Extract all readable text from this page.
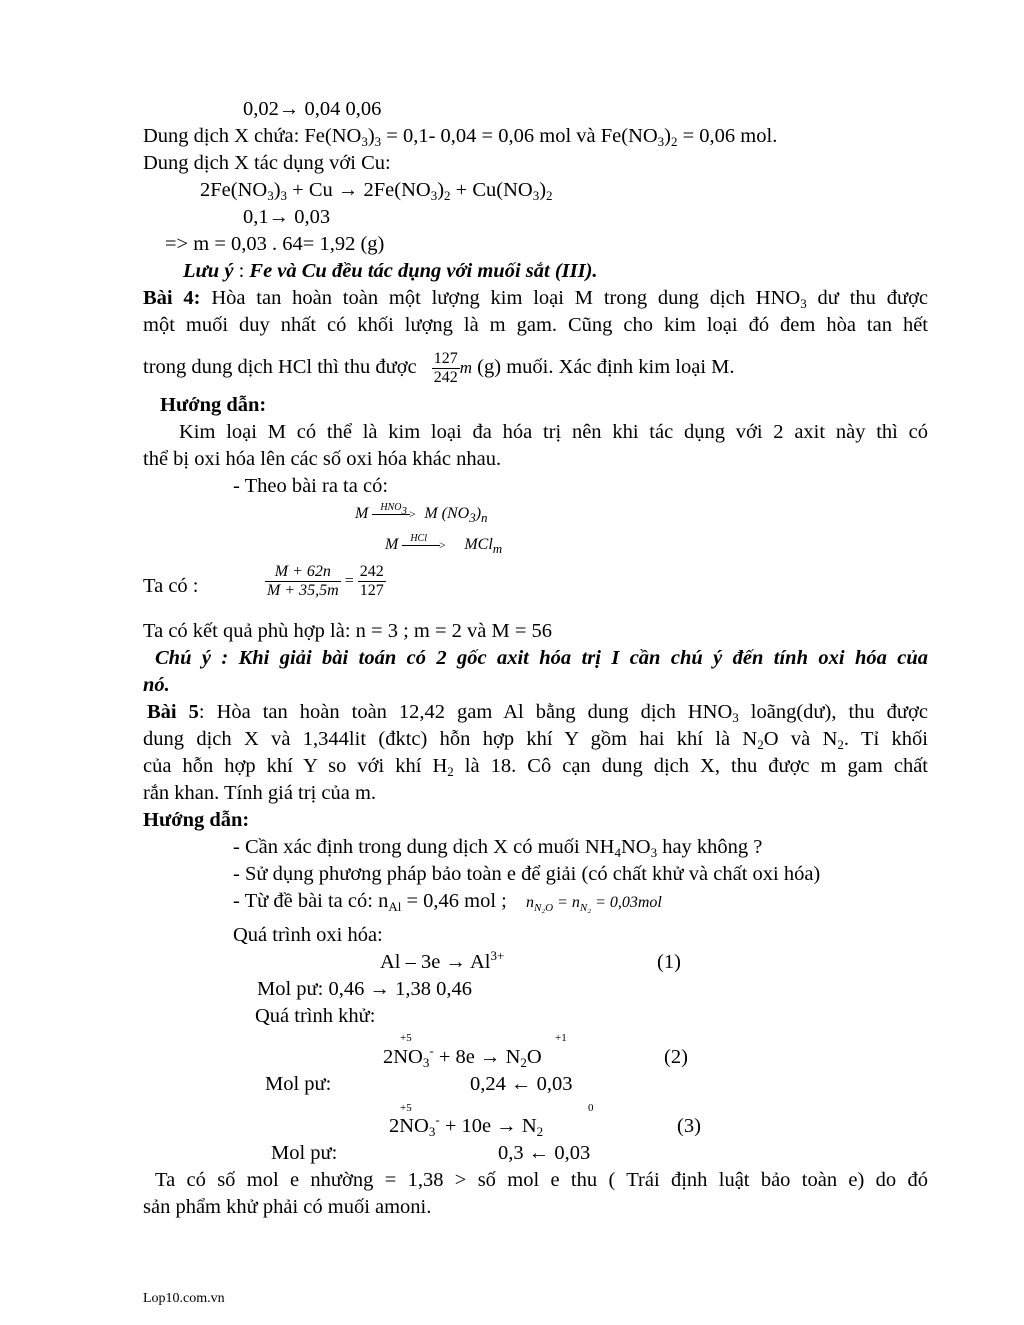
0,02→ 0,04 0,06
Dung dịch X chứa: $Fe(NO_3)_3 = 0,1-$ 0,04 = 0,06 mol và $Fe(NO_3)_2 = 0,06$ mol.
Dung dịch X tác dụng với Cu:
$2Fe(NO_3)_3 + Cu \to 2Fe(NO_3)_2 + Cu(NO_3)_2$
0,1→ 0,03
=> m = 0,03 . 64= 1,92 (g)
Lưu ý : Fe và Cu đều tác dụng với muối sắt (III).
Bài 4: Hòa tan hoàn toàn một lượng kim loại M trong dung dịch $HNO_3$ dư thu được
một muối duy nhất có khối lượng là m gam. Cũng cho kim loại đó đem hòa tan hết
trong dung dịch HCl thì thu được $\frac{127}{242}$ m (g) muối. Xác định kim loại M.
Hướng dẫn:
Kim loại M có thể là kim loại đa hóa trị nên khi tác dụng với 2 axit này thì có
thể bị oxi hóa lên các số oxi hóa khác nhau.
- Theo bài ra ta có:
M $HNO_3 > M$ $(NO_3)_n$
M HCl > MCl$_m$
Ta có :	$\frac{M + 62n}{M + 35,5m} = \frac{242}{127}$
Ta có kết quả phù hợp là: n = 3 ; m = 2 và M = 56
Chú ý : Khi giải bài toán có 2 gốc axit hóa trị I cần chú ý đến tính oxi hóa của
nó.
Bài 5: Hòa tan hoàn toàn 12,42 gam Al bằng dung dịch $HNO_3$ loãng(dư), thu được
dung dịch X và 1,344lit (đktc) hỗn hợp khí Y gồm hai khí là $N_2O$ và $N_2$. Tỉ khối
của hỗn hợp khí Y so với khí $H_2$ là 18. Cô cạn dung dịch X, thu được m gam chất
rắn khan. Tính giá trị của m.
Hướng dẫn:
- Cần xác định trong dung dịch X có muối $NH_4NO_3$ hay không ?
- Sử dụng phương pháp bảo toàn e để giải (có chất khử và chất oxi hóa)
- Từ đề bài ta có: $n_{Al} = 0,46$ mol ; $n_{N_2O} = n_{N_2} = 0,03mol$
Quá trình oxi hóa:
$Al - 3e \to Al^{3+}$	(1)
Mol pư: 0,46 → 1,38 0,46
Quá trình khử:
+5	+1
$2NO_3^- + 8e \to N_2O$	(2)
Mol pư:	0,24 ← 0,03
+5	0
$2NO_3^- + 10e \to N_2$	(3)
Mol pư:	0,3 ← 0,03
Ta có số mol e nhường = 1,38 > số mol e thu ( Trái định luật bảo toàn e) do đó
sản phẩm khử phải có muối amoni.
Lop10.com.vn
